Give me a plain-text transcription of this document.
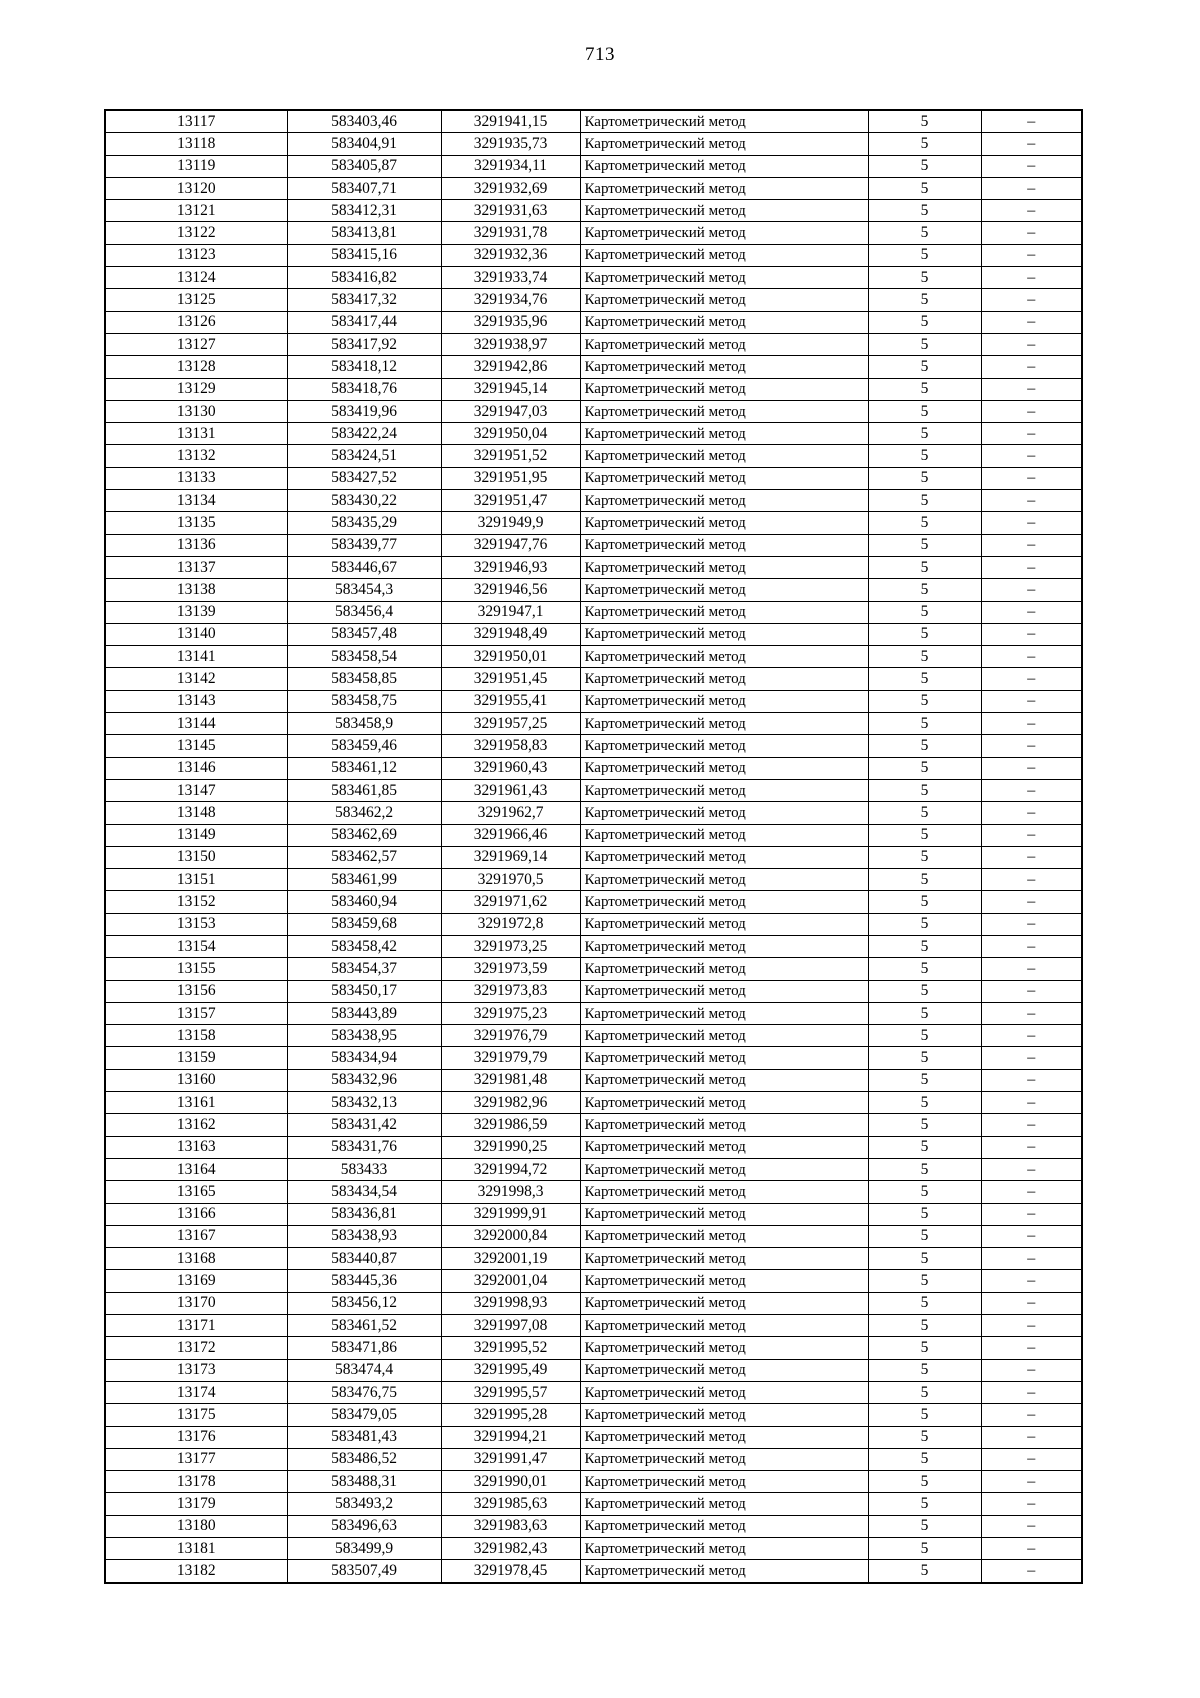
713
13117	583403,46	3291941,15	Картометрический метод	5	–
13118	583404,91	3291935,73	Картометрический метод	5	–
13119	583405,87	3291934,11	Картометрический метод	5	–
13120	583407,71	3291932,69	Картометрический метод	5	–
13121	583412,31	3291931,63	Картометрический метод	5	–
13122	583413,81	3291931,78	Картометрический метод	5	–
13123	583415,16	3291932,36	Картометрический метод	5	–
13124	583416,82	3291933,74	Картометрический метод	5	–
13125	583417,32	3291934,76	Картометрический метод	5	–
13126	583417,44	3291935,96	Картометрический метод	5	–
13127	583417,92	3291938,97	Картометрический метод	5	–
13128	583418,12	3291942,86	Картометрический метод	5	–
13129	583418,76	3291945,14	Картометрический метод	5	–
13130	583419,96	3291947,03	Картометрический метод	5	–
13131	583422,24	3291950,04	Картометрический метод	5	–
13132	583424,51	3291951,52	Картометрический метод	5	–
13133	583427,52	3291951,95	Картометрический метод	5	–
13134	583430,22	3291951,47	Картометрический метод	5	–
13135	583435,29	3291949,9	Картометрический метод	5	–
13136	583439,77	3291947,76	Картометрический метод	5	–
13137	583446,67	3291946,93	Картометрический метод	5	–
13138	583454,3	3291946,56	Картометрический метод	5	–
13139	583456,4	3291947,1	Картометрический метод	5	–
13140	583457,48	3291948,49	Картометрический метод	5	–
13141	583458,54	3291950,01	Картометрический метод	5	–
13142	583458,85	3291951,45	Картометрический метод	5	–
13143	583458,75	3291955,41	Картометрический метод	5	–
13144	583458,9	3291957,25	Картометрический метод	5	–
13145	583459,46	3291958,83	Картометрический метод	5	–
13146	583461,12	3291960,43	Картометрический метод	5	–
13147	583461,85	3291961,43	Картометрический метод	5	–
13148	583462,2	3291962,7	Картометрический метод	5	–
13149	583462,69	3291966,46	Картометрический метод	5	–
13150	583462,57	3291969,14	Картометрический метод	5	–
13151	583461,99	3291970,5	Картометрический метод	5	–
13152	583460,94	3291971,62	Картометрический метод	5	–
13153	583459,68	3291972,8	Картометрический метод	5	–
13154	583458,42	3291973,25	Картометрический метод	5	–
13155	583454,37	3291973,59	Картометрический метод	5	–
13156	583450,17	3291973,83	Картометрический метод	5	–
13157	583443,89	3291975,23	Картометрический метод	5	–
13158	583438,95	3291976,79	Картометрический метод	5	–
13159	583434,94	3291979,79	Картометрический метод	5	–
13160	583432,96	3291981,48	Картометрический метод	5	–
13161	583432,13	3291982,96	Картометрический метод	5	–
13162	583431,42	3291986,59	Картометрический метод	5	–
13163	583431,76	3291990,25	Картометрический метод	5	–
13164	583433	3291994,72	Картометрический метод	5	–
13165	583434,54	3291998,3	Картометрический метод	5	–
13166	583436,81	3291999,91	Картометрический метод	5	–
13167	583438,93	3292000,84	Картометрический метод	5	–
13168	583440,87	3292001,19	Картометрический метод	5	–
13169	583445,36	3292001,04	Картометрический метод	5	–
13170	583456,12	3291998,93	Картометрический метод	5	–
13171	583461,52	3291997,08	Картометрический метод	5	–
13172	583471,86	3291995,52	Картометрический метод	5	–
13173	583474,4	3291995,49	Картометрический метод	5	–
13174	583476,75	3291995,57	Картометрический метод	5	–
13175	583479,05	3291995,28	Картометрический метод	5	–
13176	583481,43	3291994,21	Картометрический метод	5	–
13177	583486,52	3291991,47	Картометрический метод	5	–
13178	583488,31	3291990,01	Картометрический метод	5	–
13179	583493,2	3291985,63	Картометрический метод	5	–
13180	583496,63	3291983,63	Картометрический метод	5	–
13181	583499,9	3291982,43	Картометрический метод	5	–
13182	583507,49	3291978,45	Картометрический метод	5	–
